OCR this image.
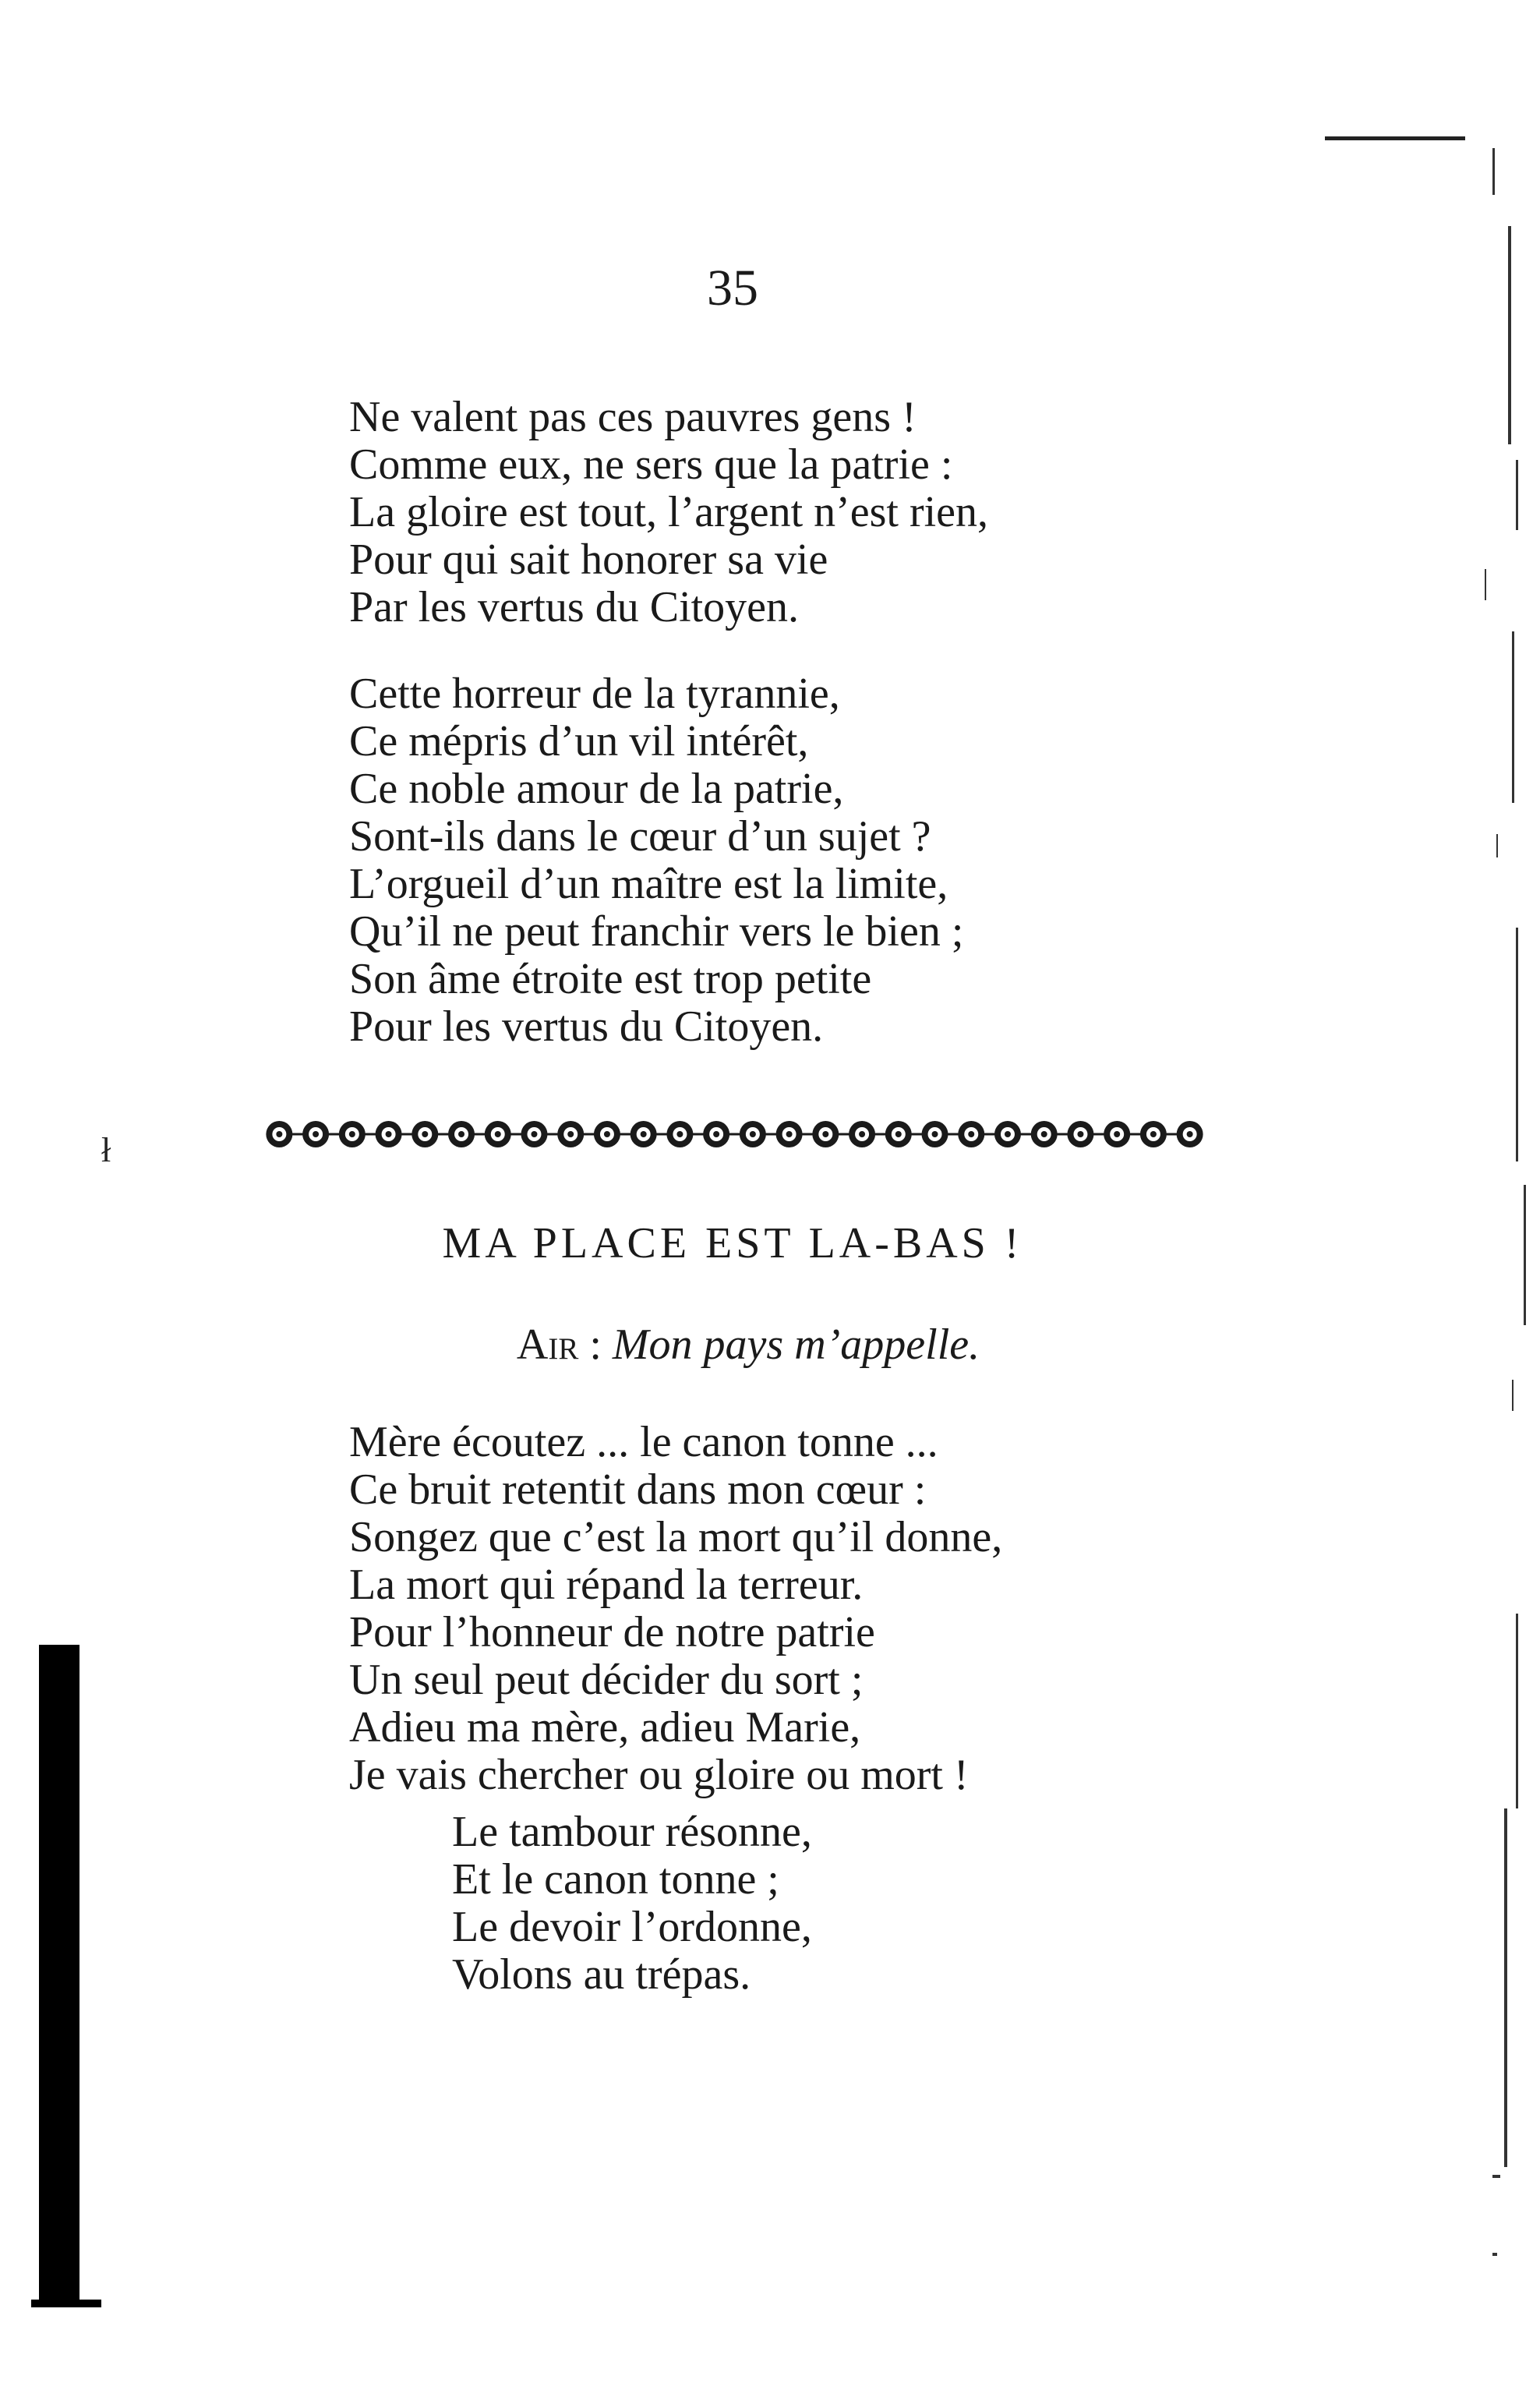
ł
35
Ne valent pas ces pauvres gens !
Comme eux, ne sers que la patrie :
La gloire est tout, l’argent n’est rien,
Pour qui sait honorer sa vie
Par les vertus du Citoyen.
Cette horreur de la tyrannie,
Ce mépris d’un vil intérêt,
Ce noble amour de la patrie,
Sont-ils dans le cœur d’un sujet ?
L’orgueil d’un maître est la limite,
Qu’il ne peut franchir vers le bien ;
Son âme étroite est trop petite
Pour les vertus du Citoyen.
MA PLACE EST LA-BAS !
Air : Mon pays m’appelle.
Mère écoutez ... le canon tonne ...
Ce bruit retentit dans mon cœur :
Songez que c’est la mort qu’il donne,
La mort qui répand la terreur.
Pour l’honneur de notre patrie
Un seul peut décider du sort ;
Adieu ma mère, adieu Marie,
Je vais chercher ou gloire ou mort !
Le tambour résonne,
Et le canon tonne ;
Le devoir l’ordonne,
Volons au trépas.
